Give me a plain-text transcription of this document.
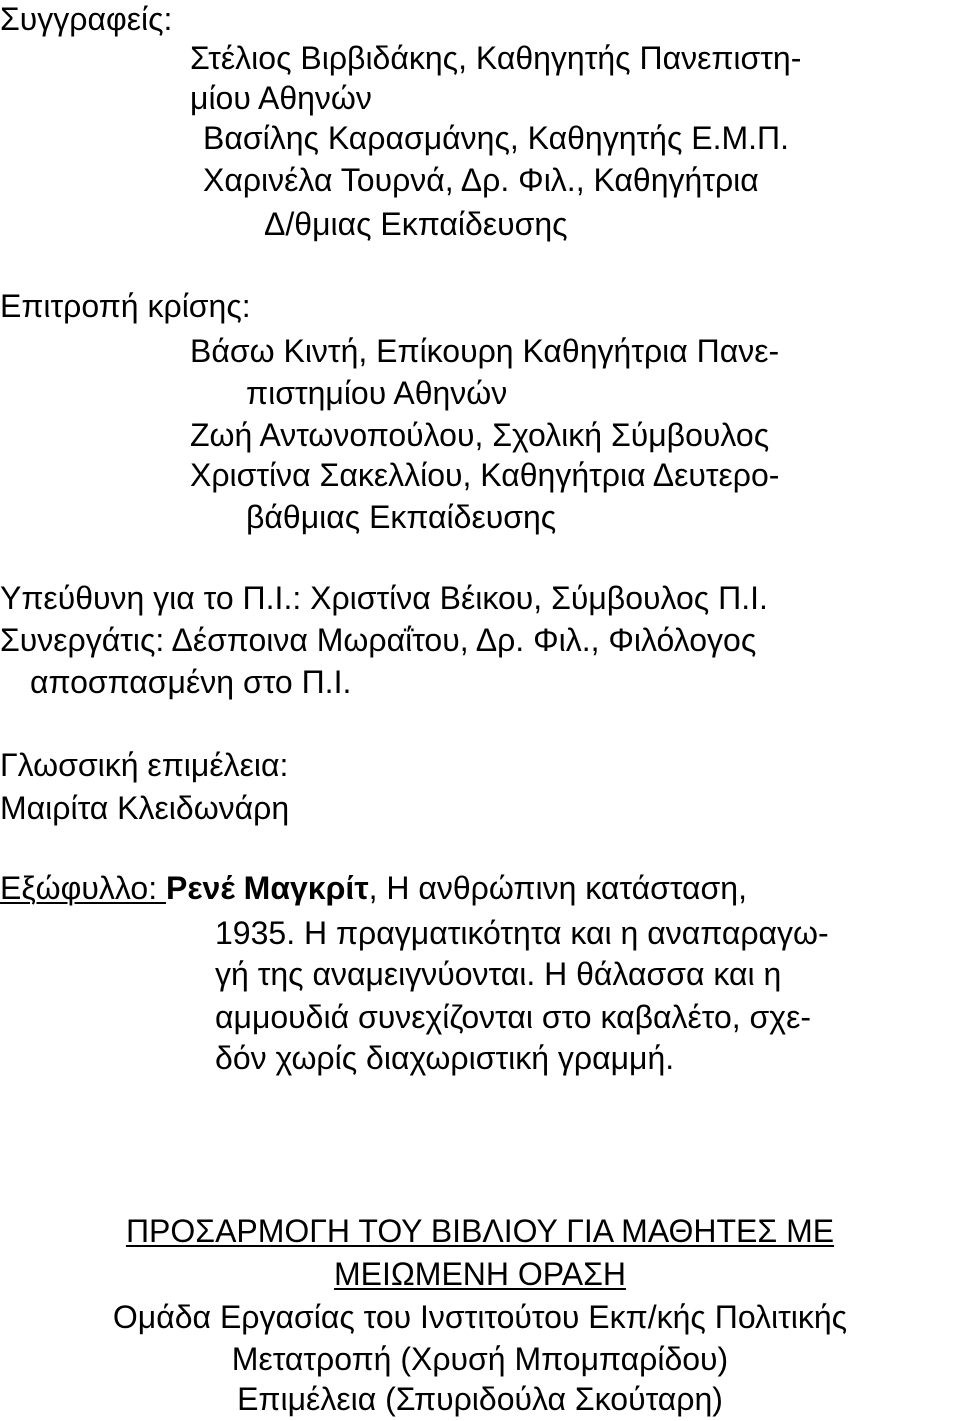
Συγγραφείς:
Στέλιος Βιρβιδάκης, Καθηγητής Πανεπιστη-
μίου Αθηνών
Βασίλης Καρασμάνης, Καθηγητής Ε.Μ.Π.
Χαρινέλα Τουρνά, Δρ. Φιλ., Καθηγήτρια
Δ/θμιας Εκπαίδευσης
Επιτροπή κρίσης:
Βάσω Κιντή, Επίκουρη Καθηγήτρια Πανε-
πιστημίου Αθηνών
Ζωή Αντωνοπούλου, Σχολική Σύμβουλος
Χριστίνα Σακελλίου, Καθηγήτρια Δευτερο-
βάθμιας Εκπαίδευσης
Υπεύθυνη για το Π.Ι.: Χριστίνα Βέικου, Σύμβουλος Π.Ι.
Συνεργάτις: Δέσποινα Μωραΐτου, Δρ. Φιλ., Φιλόλογος
αποσπασμένη στο Π.Ι.
Γλωσσική επιμέλεια:
Μαιρίτα Κλειδωνάρη
Εξώφυλλο: Ρενέ Μαγκρίτ, Η ανθρώπινη κατάσταση,
1935. Η πραγματικότητα και η αναπαραγω-
γή της αναμειγνύονται. Η θάλασσα και η
αμμουδιά συνεχίζονται στο καβαλέτο, σχε-
δόν χωρίς διαχωριστική γραμμή.
ΠΡΟΣΑΡΜΟΓΗ ΤΟΥ ΒΙΒΛΙΟΥ ΓΙΑ ΜΑΘΗΤΕΣ ΜΕ
ΜΕΙΩΜΕΝΗ ΟΡΑΣΗ
Ομάδα Εργασίας του Ινστιτούτου Εκπ/κής Πολιτικής
Μετατροπή (Χρυσή Μπομπαρίδου)
Επιμέλεια (Σπυριδούλα Σκούταρη)
